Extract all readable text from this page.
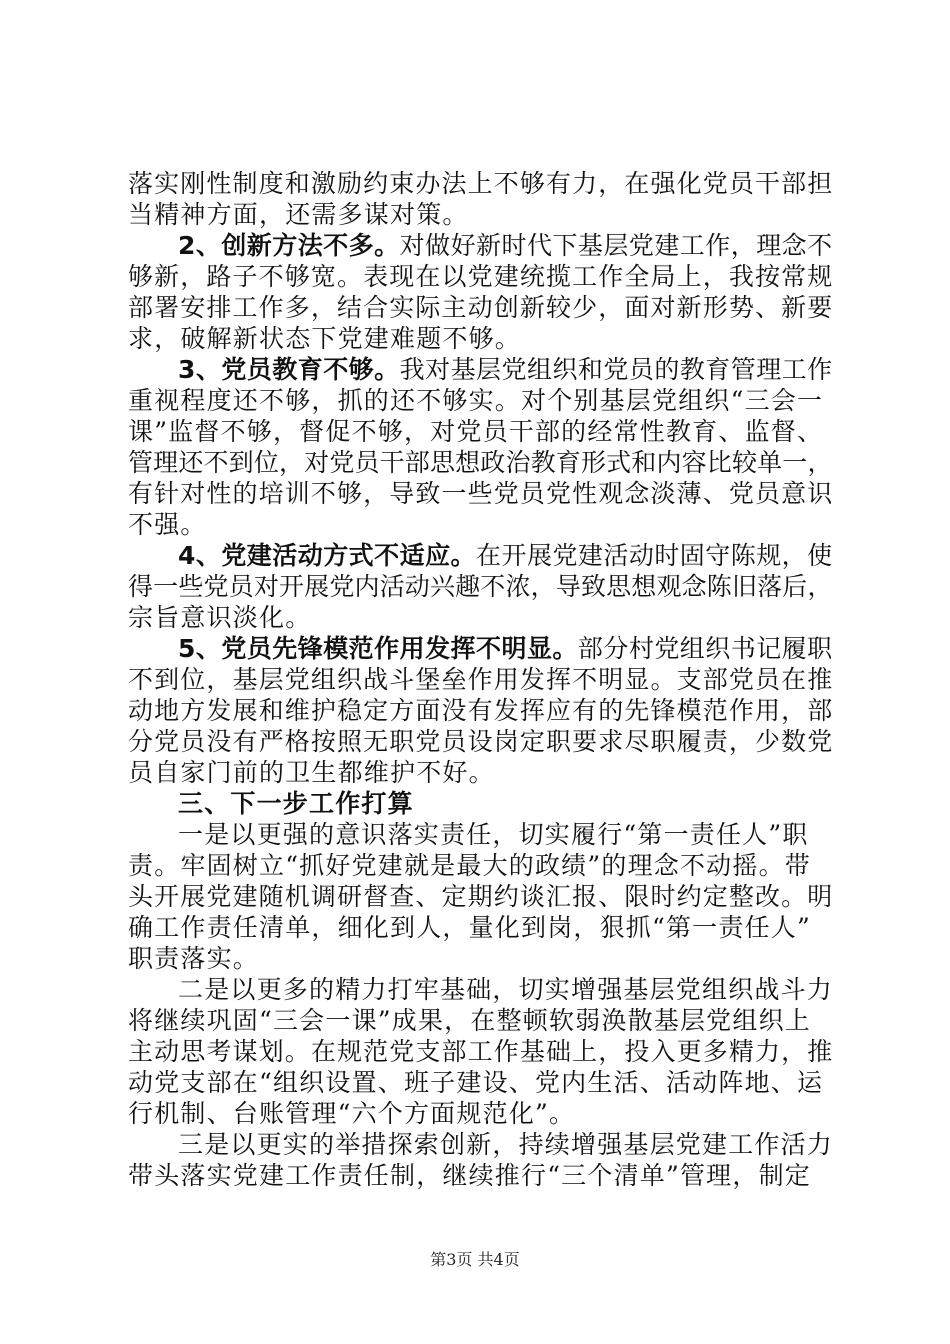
落实刚性制度和激励约束办法上不够有力，在强化党员干部担
当精神方面，还需多谋对策。
2、创新方法不多。对做好新时代下基层党建工作，理念不
够新，路子不够宽。表现在以党建统揽工作全局上，我按常规
部署安排工作多，结合实际主动创新较少，面对新形势、新要
求，破解新状态下党建难题不够。
3、党员教育不够。我对基层党组织和党员的教育管理工作
重视程度还不够，抓的还不够实。对个别基层党组织“三会一
课”监督不够，督促不够，对党员干部的经常性教育、监督、
管理还不到位，对党员干部思想政治教育形式和内容比较单一，
有针对性的培训不够，导致一些党员党性观念淡薄、党员意识
不强。
4、党建活动方式不适应。在开展党建活动时固守陈规，使
得一些党员对开展党内活动兴趣不浓，导致思想观念陈旧落后，
宗旨意识淡化。
5、党员先锋模范作用发挥不明显。部分村党组织书记履职
不到位，基层党组织战斗堡垒作用发挥不明显。支部党员在推
动地方发展和维护稳定方面没有发挥应有的先锋模范作用，部
分党员没有严格按照无职党员设岗定职要求尽职履责，少数党
员自家门前的卫生都维护不好。
三、下一步工作打算
一是以更强的意识落实责任，切实履行“第一责任人”职
责。牢固树立“抓好党建就是最大的政绩”的理念不动摇。带
头开展党建随机调研督查、定期约谈汇报、限时约定整改。明
确工作责任清单，细化到人，量化到岗，狠抓“第一责任人”
职责落实。
二是以更多的精力打牢基础，切实增强基层党组织战斗力
将继续巩固“三会一课”成果，在整顿软弱涣散基层党组织上
主动思考谋划。在规范党支部工作基础上，投入更多精力，推
动党支部在“组织设置、班子建设、党内生活、活动阵地、运
行机制、台账管理“六个方面规范化”。
三是以更实的举措探索创新，持续增强基层党建工作活力
带头落实党建工作责任制，继续推行“三个清单”管理，制定
第3页 共4页
